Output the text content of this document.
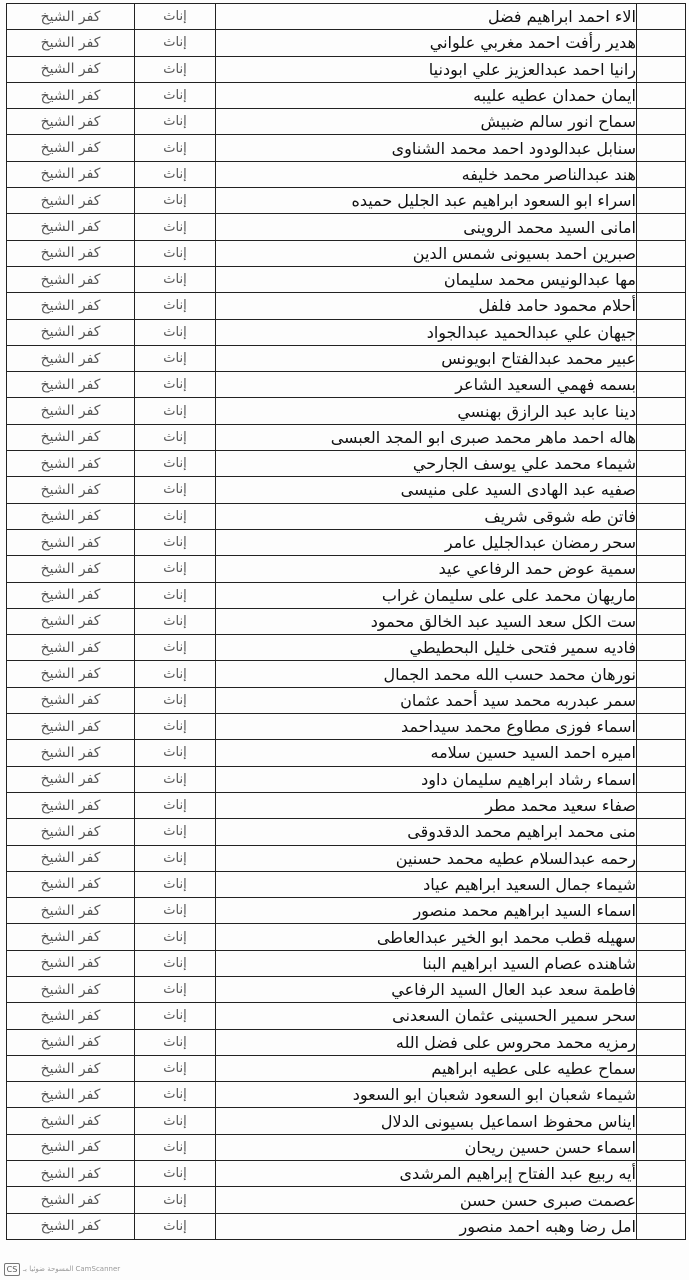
	الاء احمد ابراهيم فضل	إناث	كفر الشيخ
	هدير رأفت احمد مغربي علواني	إناث	كفر الشيخ
	رانيا احمد عبدالعزيز علي ابودنيا	إناث	كفر الشيخ
	ايمان حمدان عطيه عليبه	إناث	كفر الشيخ
	سماح انور سالم ضبيش	إناث	كفر الشيخ
	سنابل عبدالودود احمد محمد الشناوى	إناث	كفر الشيخ
	هند عبدالناصر محمد خليفه	إناث	كفر الشيخ
	اسراء ابو السعود ابراهيم عبد الجليل حميده	إناث	كفر الشيخ
	امانى السيد محمد الروينى	إناث	كفر الشيخ
	صبرين احمد بسيونى شمس الدين	إناث	كفر الشيخ
	مها عبدالونيس محمد سليمان	إناث	كفر الشيخ
	أحلام محمود حامد فلفل	إناث	كفر الشيخ
	جيهان علي عبدالحميد عبدالجواد	إناث	كفر الشيخ
	عبير محمد عبدالفتاح ابويونس	إناث	كفر الشيخ
	بسمه فهمي السعيد الشاعر	إناث	كفر الشيخ
	دينا عابد عبد الرازق بهنسي	إناث	كفر الشيخ
	هاله احمد ماهر محمد صبرى ابو المجد العبسى	إناث	كفر الشيخ
	شيماء محمد علي يوسف الجارحي	إناث	كفر الشيخ
	صفيه عبد الهادى السيد على منيسى	إناث	كفر الشيخ
	فاتن طه شوقى شريف	إناث	كفر الشيخ
	سحر رمضان عبدالجليل عامر	إناث	كفر الشيخ
	سمية عوض حمد الرفاعي عيد	إناث	كفر الشيخ
	ماريهان محمد على على سليمان غراب	إناث	كفر الشيخ
	ست الكل سعد السيد عبد الخالق محمود	إناث	كفر الشيخ
	فاديه سمير فتحى خليل البحطيطي	إناث	كفر الشيخ
	نورهان محمد حسب الله محمد الجمال	إناث	كفر الشيخ
	سمر عبدربه محمد سيد أحمد عثمان	إناث	كفر الشيخ
	اسماء فوزى مطاوع محمد سيداحمد	إناث	كفر الشيخ
	اميره احمد السيد حسين سلامه	إناث	كفر الشيخ
	اسماء رشاد ابراهيم سليمان داود	إناث	كفر الشيخ
	صفاء سعيد محمد مطر	إناث	كفر الشيخ
	منى محمد ابراهيم محمد الدقدوقى	إناث	كفر الشيخ
	رحمه عبدالسلام عطيه محمد حسنين	إناث	كفر الشيخ
	شيماء جمال السعيد ابراهيم عياد	إناث	كفر الشيخ
	اسماء السيد ابراهيم محمد منصور	إناث	كفر الشيخ
	سهيله قطب محمد ابو الخير عبدالعاطى	إناث	كفر الشيخ
	شاهنده عصام السيد ابراهيم البنا	إناث	كفر الشيخ
	فاطمة سعد عبد العال السيد الرفاعي	إناث	كفر الشيخ
	سحر سمير الحسينى عثمان السعدنى	إناث	كفر الشيخ
	رمزيه محمد محروس على فضل الله	إناث	كفر الشيخ
	سماح عطيه على عطيه ابراهيم	إناث	كفر الشيخ
	شيماء شعبان ابو السعود شعبان ابو السعود	إناث	كفر الشيخ
	ايناس محفوظ اسماعيل بسيونى الدلال	إناث	كفر الشيخ
	اسماء حسن حسين ريحان	إناث	كفر الشيخ
	أيه ربيع عبد الفتاح إبراهيم المرشدى	إناث	كفر الشيخ
	عصمت صبرى حسن حسن	إناث	كفر الشيخ
	امل رضا وهبه احمد منصور	إناث	كفر الشيخ
CS المسوحة ضوئيا بـ CamScanner
